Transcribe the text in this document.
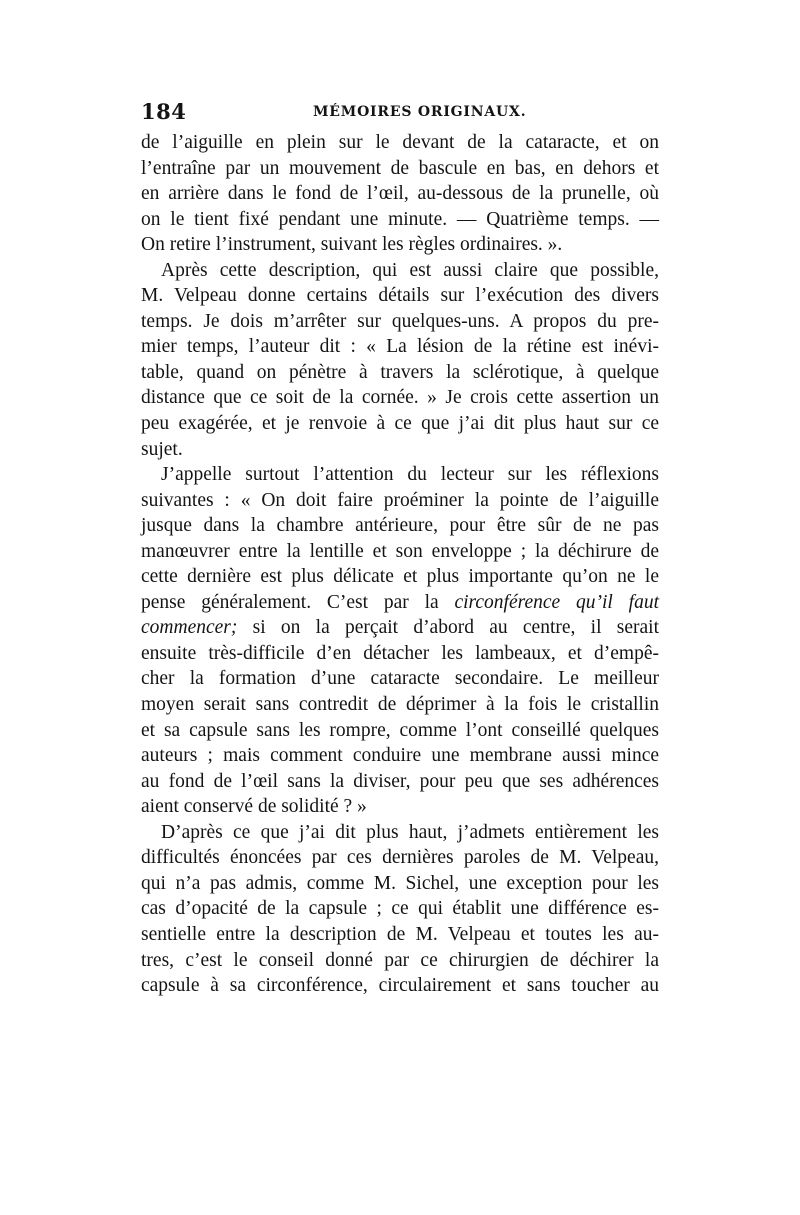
184	MÉMOIRES ORIGINAUX.
de l’aiguille en plein sur le devant de la cataracte, et on
l’entraîne par un mouvement de bascule en bas, en dehors et
en arrière dans le fond de l’œil, au-dessous de la prunelle, où
on le tient fixé pendant une minute. — Quatrième temps. —
On retire l’instrument, suivant les règles ordinaires. ».
Après cette description, qui est aussi claire que possible,
M. Velpeau donne certains détails sur l’exécution des divers
temps. Je dois m’arrêter sur quelques-uns. A propos du pre-
mier temps, l’auteur dit : « La lésion de la rétine est inévi-
table, quand on pénètre à travers la sclérotique, à quelque
distance que ce soit de la cornée. » Je crois cette assertion un
peu exagérée, et je renvoie à ce que j’ai dit plus haut sur ce
sujet.
J’appelle surtout l’attention du lecteur sur les réflexions
suivantes : « On doit faire proéminer la pointe de l’aiguille
jusque dans la chambre antérieure, pour être sûr de ne pas
manœuvrer entre la lentille et son enveloppe ; la déchirure de
cette dernière est plus délicate et plus importante qu’on ne le
pense généralement. C’est par la circonférence qu’il faut
commencer; si on la perçait d’abord au centre, il serait
ensuite très-difficile d’en détacher les lambeaux, et d’empê-
cher la formation d’une cataracte secondaire. Le meilleur
moyen serait sans contredit de déprimer à la fois le cristallin
et sa capsule sans les rompre, comme l’ont conseillé quelques
auteurs ; mais comment conduire une membrane aussi mince
au fond de l’œil sans la diviser, pour peu que ses adhérences
aient conservé de solidité ? »
D’après ce que j’ai dit plus haut, j’admets entièrement les
difficultés énoncées par ces dernières paroles de M. Velpeau,
qui n’a pas admis, comme M. Sichel, une exception pour les
cas d’opacité de la capsule ; ce qui établit une différence es-
sentielle entre la description de M. Velpeau et toutes les au-
tres, c’est le conseil donné par ce chirurgien de déchirer la
capsule à sa circonférence, circulairement et sans toucher au
